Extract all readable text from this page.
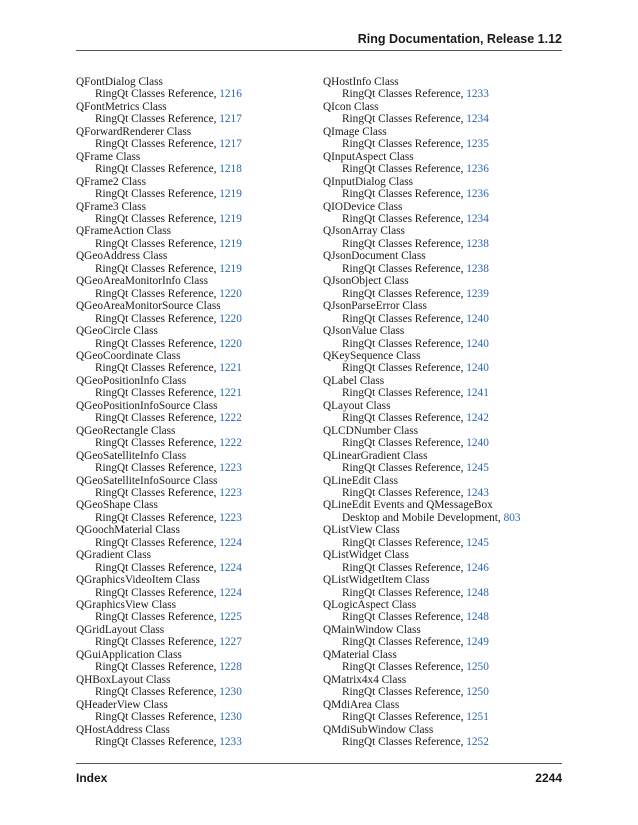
Ring Documentation, Release 1.12
QFontDialog Class
RingQt Classes Reference, 1216
QFontMetrics Class
RingQt Classes Reference, 1217
QForwardRenderer Class
RingQt Classes Reference, 1217
QFrame Class
RingQt Classes Reference, 1218
QFrame2 Class
RingQt Classes Reference, 1219
QFrame3 Class
RingQt Classes Reference, 1219
QFrameAction Class
RingQt Classes Reference, 1219
QGeoAddress Class
RingQt Classes Reference, 1219
QGeoAreaMonitorInfo Class
RingQt Classes Reference, 1220
QGeoAreaMonitorSource Class
RingQt Classes Reference, 1220
QGeoCircle Class
RingQt Classes Reference, 1220
QGeoCoordinate Class
RingQt Classes Reference, 1221
QGeoPositionInfo Class
RingQt Classes Reference, 1221
QGeoPositionInfoSource Class
RingQt Classes Reference, 1222
QGeoRectangle Class
RingQt Classes Reference, 1222
QGeoSatelliteInfo Class
RingQt Classes Reference, 1223
QGeoSatelliteInfoSource Class
RingQt Classes Reference, 1223
QGeoShape Class
RingQt Classes Reference, 1223
QGoochMaterial Class
RingQt Classes Reference, 1224
QGradient Class
RingQt Classes Reference, 1224
QGraphicsVideoItem Class
RingQt Classes Reference, 1224
QGraphicsView Class
RingQt Classes Reference, 1225
QGridLayout Class
RingQt Classes Reference, 1227
QGuiApplication Class
RingQt Classes Reference, 1228
QHBoxLayout Class
RingQt Classes Reference, 1230
QHeaderView Class
RingQt Classes Reference, 1230
QHostAddress Class
RingQt Classes Reference, 1233
QHostInfo Class
RingQt Classes Reference, 1233
QIcon Class
RingQt Classes Reference, 1234
QImage Class
RingQt Classes Reference, 1235
QInputAspect Class
RingQt Classes Reference, 1236
QInputDialog Class
RingQt Classes Reference, 1236
QIODevice Class
RingQt Classes Reference, 1234
QJsonArray Class
RingQt Classes Reference, 1238
QJsonDocument Class
RingQt Classes Reference, 1238
QJsonObject Class
RingQt Classes Reference, 1239
QJsonParseError Class
RingQt Classes Reference, 1240
QJsonValue Class
RingQt Classes Reference, 1240
QKeySequence Class
RingQt Classes Reference, 1240
QLabel Class
RingQt Classes Reference, 1241
QLayout Class
RingQt Classes Reference, 1242
QLCDNumber Class
RingQt Classes Reference, 1240
QLinearGradient Class
RingQt Classes Reference, 1245
QLineEdit Class
RingQt Classes Reference, 1243
QLineEdit Events and QMessageBox
Desktop and Mobile Development, 803
QListView Class
RingQt Classes Reference, 1245
QListWidget Class
RingQt Classes Reference, 1246
QListWidgetItem Class
RingQt Classes Reference, 1248
QLogicAspect Class
RingQt Classes Reference, 1248
QMainWindow Class
RingQt Classes Reference, 1249
QMaterial Class
RingQt Classes Reference, 1250
QMatrix4x4 Class
RingQt Classes Reference, 1250
QMdiArea Class
RingQt Classes Reference, 1251
QMdiSubWindow Class
RingQt Classes Reference, 1252
Index	2244
